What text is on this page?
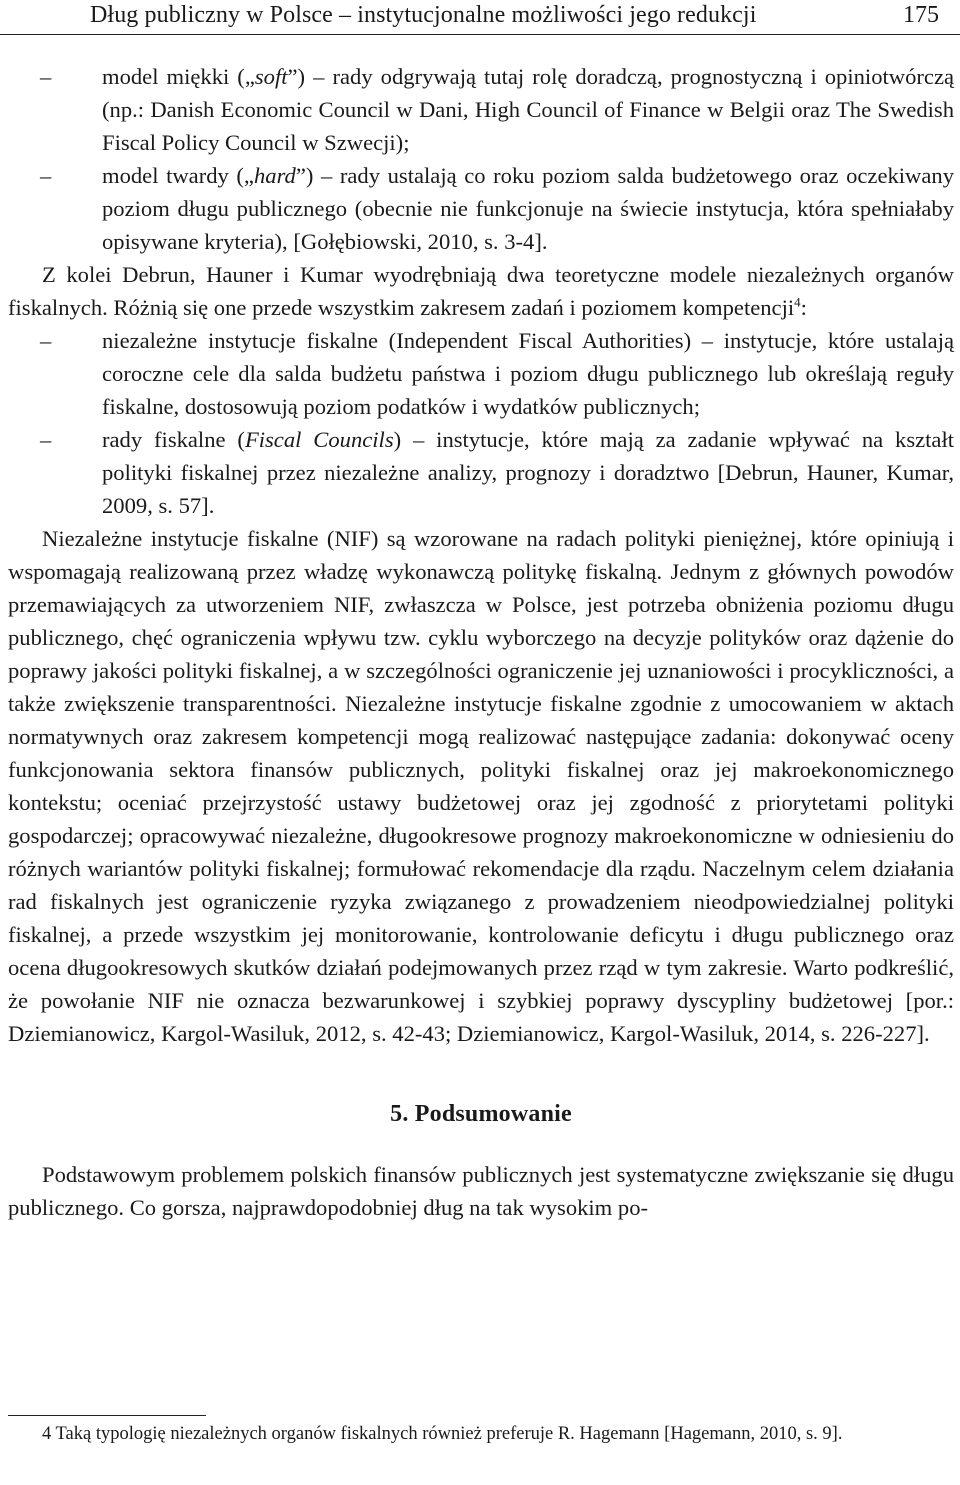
Dług publiczny w Polsce – instytucjonalne możliwości jego redukcji	175
– model miękki („soft”) – rady odgrywają tutaj rolę doradczą, prognostyczną i opiniotwórczą (np.: Danish Economic Council w Dani, High Council of Finance w Belgii oraz The Swedish Fiscal Policy Council w Szwecji);
– model twardy („hard”) – rady ustalają co roku poziom salda budżetowego oraz oczekiwany poziom długu publicznego (obecnie nie funkcjonuje na świecie instytucja, która spełniałaby opisywane kryteria), [Gołębiowski, 2010, s. 3-4].

Z kolei Debrun, Hauner i Kumar wyodrębniają dwa teoretyczne modele niezależnych organów fiskalnych. Różnią się one przede wszystkim zakresem zadań i poziomem kompetencji$^4$:

– niezależne instytucje fiskalne (Independent Fiscal Authorities) – instytucje, które ustalają coroczne cele dla salda budżetu państwa i poziom długu publicznego lub określają reguły fiskalne, dostosowują poziom podatków i wydatków publicznych;
– rady fiskalne (Fiscal Councils) – instytucje, które mają za zadanie wpływać na kształt polityki fiskalnej przez niezależne analizy, prognozy i doradztwo [Debrun, Hauner, Kumar, 2009, s. 57].

Niezależne instytucje fiskalne (NIF) są wzorowane na radach polityki pieniężnej, które opiniują i wspomagają realizowaną przez władzę wykonawczą politykę fiskalną. Jednym z głównych powodów przemawiających za utworzeniem NIF, zwłaszcza w Polsce, jest potrzeba obniżenia poziomu długu publicznego, chęć ograniczenia wpływu tzw. cyklu wyborczego na decyzje polityków oraz dążenie do poprawy jakości polityki fiskalnej, a w szczególności ograniczenie jej uznaniowości i procykliczności, a także zwiększenie transparentności. Niezależne instytucje fiskalne zgodnie z umocowaniem w aktach normatywnych oraz zakresem kompetencji mogą realizować następujące zadania: dokonywać oceny funkcjonowania sektora finansów publicznych, polityki fiskalnej oraz jej makroekonomicznego kontekstu; oceniać przejrzystość ustawy budżetowej oraz jej zgodność z priorytetami polityki gospodarczej; opracowywać niezależne, długookresowe prognozy makroekonomiczne w odniesieniu do różnych wariantów polityki fiskalnej; formułować rekomendacje dla rządu. Naczelnym celem działania rad fiskalnych jest ograniczenie ryzyka związanego z prowadzeniem nieodpowiedzialnej polityki fiskalnej, a przede wszystkim jej monitorowanie, kontrolowanie deficytu i długu publicznego oraz ocena długookresowych skutków działań podejmowanych przez rząd w tym zakresie. Warto podkreślić, że powołanie NIF nie oznacza bezwarunkowej i szybkiej poprawy dyscypliny budżetowej [por.: Dziemianowicz, Kargol-Wasiluk, 2012, s. 42-43; Dziemianowicz, Kargol-Wasiluk, 2014, s. 226-227].

5. Podsumowanie

Podstawowym problemem polskich finansów publicznych jest systematyczne zwiększanie się długu publicznego. Co gorsza, najprawdopodobniej dług na tak wysokim po-

4 Taką typologię niezależnych organów fiskalnych również preferuje R. Hagemann [Hagemann, 2010, s. 9].
